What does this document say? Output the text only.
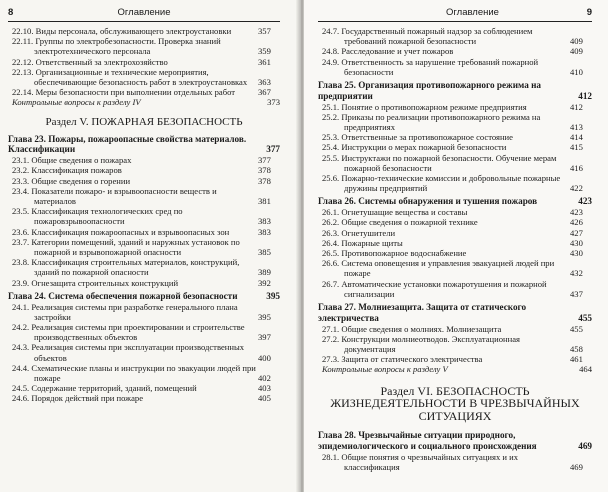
8	Оглавление
22.10. Виды персонала, обслуживающего электроустановки	357
22.11. Группы по электробезопасности. Проверка знаний электротехнического персонала	359
22.12. Ответственный за электрохозяйство	361
22.13. Организационные и технические мероприятия, обеспечивающие безопасность работ в электроустановках 363
22.14. Меры безопасности при выполнении отдельных работ	367
Контрольные вопросы к разделу IV	373
Раздел V. ПОЖАРНАЯ БЕЗОПАСНОСТЬ
Глава 23. Пожары, пожароопасные свойства материалов. Классификации	377
23.1. Общие сведения о пожарах	377
23.2. Классификация пожаров	378
23.3. Общие сведения о горении	378
23.4. Показатели пожаро- и взрывоопасности веществ и материалов	381
23.5. Классификация технологических сред по пожаровзрывоопасности	383
23.6. Классификация пожароопасных и взрывоопасных зон	383
23.7. Категории помещений, зданий и наружных установок по пожарной и взрывопожарной опасности	385
23.8. Классификация строительных материалов, конструкций, зданий по пожарной опасности	389
23.9. Огнезащита строительных конструкций	392
Глава 24. Система обеспечения пожарной безопасности	395
24.1. Реализация системы при разработке генерального плана застройки	395
24.2. Реализация системы при проектировании и строительстве производственных объектов	397
24.3. Реализация системы при эксплуатации производственных объектов	400
24.4. Схематические планы и инструкции по эвакуации людей при пожаре	402
24.5. Содержание территорий, зданий, помещений	403
24.6. Порядок действий при пожаре	405
Оглавление	9
24.7. Государственный пожарный надзор за соблюдением требований пожарной безопасности	409
24.8. Расследование и учет пожаров	409
24.9. Ответственность за нарушение требований пожарной безопасности	410
Глава 25. Организация противопожарного режима на предприятии	412
25.1. Понятие о противопожарном режиме предприятия	412
25.2. Приказы по реализации противопожарного режима на предприятиях	413
25.3. Ответственные за противопожарное состояние	414
25.4. Инструкции о мерах пожарной безопасности	415
25.5. Инструктажи по пожарной безопасности. Обучение мерам пожарной безопасности	416
25.6. Пожарно-технические комиссии и добровольные пожарные дружины предприятий	422
Глава 26. Системы обнаружения и тушения пожаров	423
26.1. Огнетушащие вещества и составы	423
26.2. Общие сведения о пожарной технике	426
26.3. Огнетушители	427
26.4. Пожарные щиты	430
26.5. Противопожарное водоснабжение	430
26.6. Система оповещения и управления эвакуацией людей при пожаре	432
26.7. Автоматические установки пожаротушения и пожарной сигнализации	437
Глава 27. Молниезащита. Защита от статического электричества	455
27.1. Общие сведения о молниях. Молниезащита	455
27.2. Конструкции молниеотводов. Эксплуатационная документация	458
27.3. Защита от статического электричества	461
Контрольные вопросы к разделу V	464
Раздел VI. БЕЗОПАСНОСТЬ ЖИЗНЕДЕЯТЕЛЬНОСТИ В ЧРЕЗВЫЧАЙНЫХ СИТУАЦИЯХ
Глава 28. Чрезвычайные ситуации природного, эпидемиологического и социального происхождения	469
28.1. Общие понятия о чрезвычайных ситуациях и их классификация	469
